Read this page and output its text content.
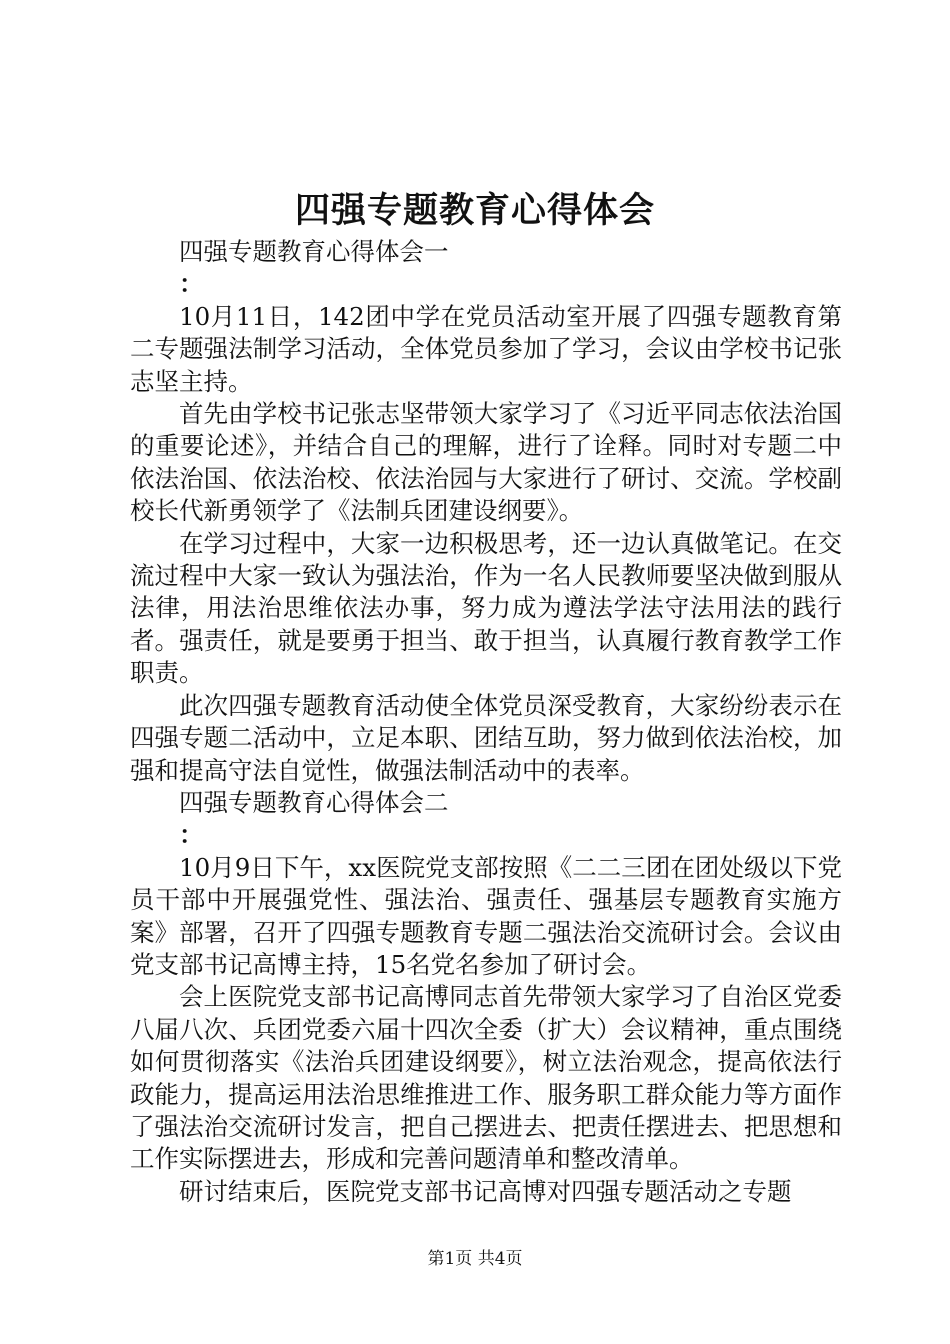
四强专题教育心得体会

四强专题教育心得体会一

：

10月11日，142团中学在党员活动室开展了四强专题教育第二专题强法制学习活动，全体党员参加了学习，会议由学校书记张志坚主持。

首先由学校书记张志坚带领大家学习了《习近平同志依法治国的重要论述》，并结合自己的理解，进行了诠释。同时对专题二中依法治国、依法治校、依法治园与大家进行了研讨、交流。学校副校长代新勇领学了《法制兵团建设纲要》。

在学习过程中，大家一边积极思考，还一边认真做笔记。在交流过程中大家一致认为强法治，作为一名人民教师要坚决做到服从法律，用法治思维依法办事，努力成为遵法学法守法用法的践行者。强责任，就是要勇于担当、敢于担当，认真履行教育教学工作职责。

此次四强专题教育活动使全体党员深受教育，大家纷纷表示在四强专题二活动中，立足本职、团结互助，努力做到依法治校，加强和提高守法自觉性，做强法制活动中的表率。

四强专题教育心得体会二

：

10月9日下午，xx医院党支部按照《二二三团在团处级以下党员干部中开展强党性、强法治、强责任、强基层专题教育实施方案》部署，召开了四强专题教育专题二强法治交流研讨会。会议由党支部书记高博主持，15名党名参加了研讨会。

会上医院党支部书记高博同志首先带领大家学习了自治区党委八届八次、兵团党委六届十四次全委（扩大）会议精神，重点围绕如何贯彻落实《法治兵团建设纲要》，树立法治观念，提高依法行政能力，提高运用法治思维推进工作、服务职工群众能力等方面作了强法治交流研讨发言，把自己摆进去、把责任摆进去、把思想和工作实际摆进去，形成和完善问题清单和整改清单。

研讨结束后，医院党支部书记高博对四强专题活动之专题

第1页 共4页
